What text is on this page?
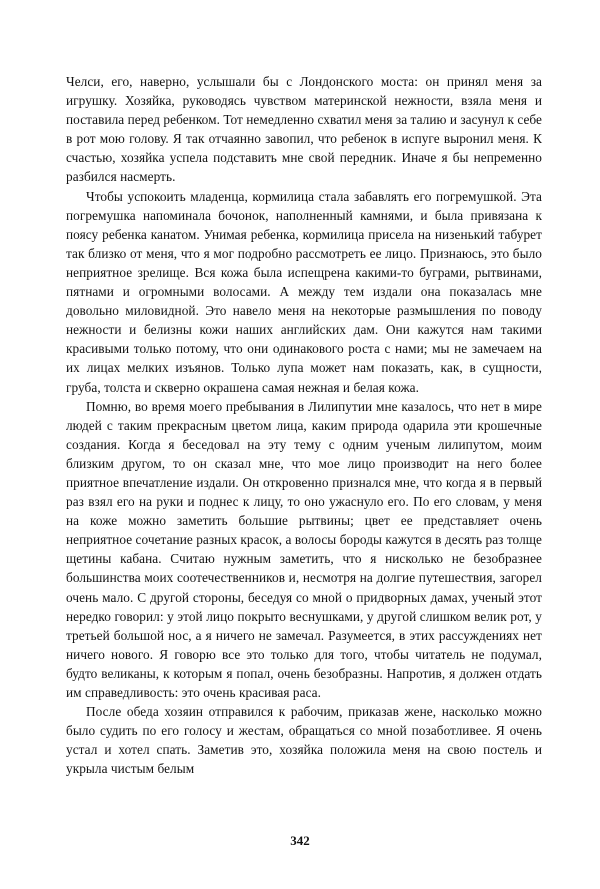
Челси, его, наверно, услышали бы с Лондонского моста: он принял меня за игрушку. Хозяйка, руководясь чувством материнской нежности, взяла меня и поставила перед ребенком. Тот немедленно схватил меня за талию и засунул к себе в рот мою голову. Я так отчаянно завопил, что ребенок в испуге выронил меня. К счастью, хозяйка успела подставить мне свой передник. Иначе я бы непременно разбился насмерть.

Чтобы успокоить младенца, кормилица стала забавлять его погремушкой. Эта погремушка напоминала бочонок, наполненный камнями, и была привязана к поясу ребенка канатом. Унимая ребенка, кормилица присела на низенький табурет так близко от меня, что я мог подробно рассмотреть ее лицо. Признаюсь, это было неприятное зрелище. Вся кожа была испещрена какими-то буграми, рытвинами, пятнами и огромными волосами. А между тем издали она показалась мне довольно миловидной. Это навело меня на некоторые размышления по поводу нежности и белизны кожи наших английских дам. Они кажутся нам такими красивыми только потому, что они одинакового роста с нами; мы не замечаем на их лицах мелких изъянов. Только лупа может нам показать, как, в сущности, груба, толста и скверно окрашена самая нежная и белая кожа.

Помню, во время моего пребывания в Лилипутии мне казалось, что нет в мире людей с таким прекрасным цветом лица, каким природа одарила эти крошечные создания. Когда я беседовал на эту тему с одним ученым лилипутом, моим близким другом, то он сказал мне, что мое лицо производит на него более приятное впечатление издали. Он откровенно признался мне, что когда я в первый раз взял его на руки и поднес к лицу, то оно ужаснуло его. По его словам, у меня на коже можно заметить большие рытвины; цвет ее представляет очень неприятное сочетание разных красок, а волосы бороды кажутся в десять раз толще щетины кабана. Считаю нужным заметить, что я нисколько не безобразнее большинства моих соотечественников и, несмотря на долгие путешествия, загорел очень мало. С другой стороны, беседуя со мной о придворных дамах, ученый этот нередко говорил: у этой лицо покрыто веснушками, у другой слишком велик рот, у третьей большой нос, а я ничего не замечал. Разумеется, в этих рассуждениях нет ничего нового. Я говорю все это только для того, чтобы читатель не подумал, будто великаны, к которым я попал, очень безобразны. Напротив, я должен отдать им справедливость: это очень красивая раса.

После обеда хозяин отправился к рабочим, приказав жене, насколько можно было судить по его голосу и жестам, обращаться со мной позаботливее. Я очень устал и хотел спать. Заметив это, хозяйка положила меня на свою постель и укрыла чистым белым

342
